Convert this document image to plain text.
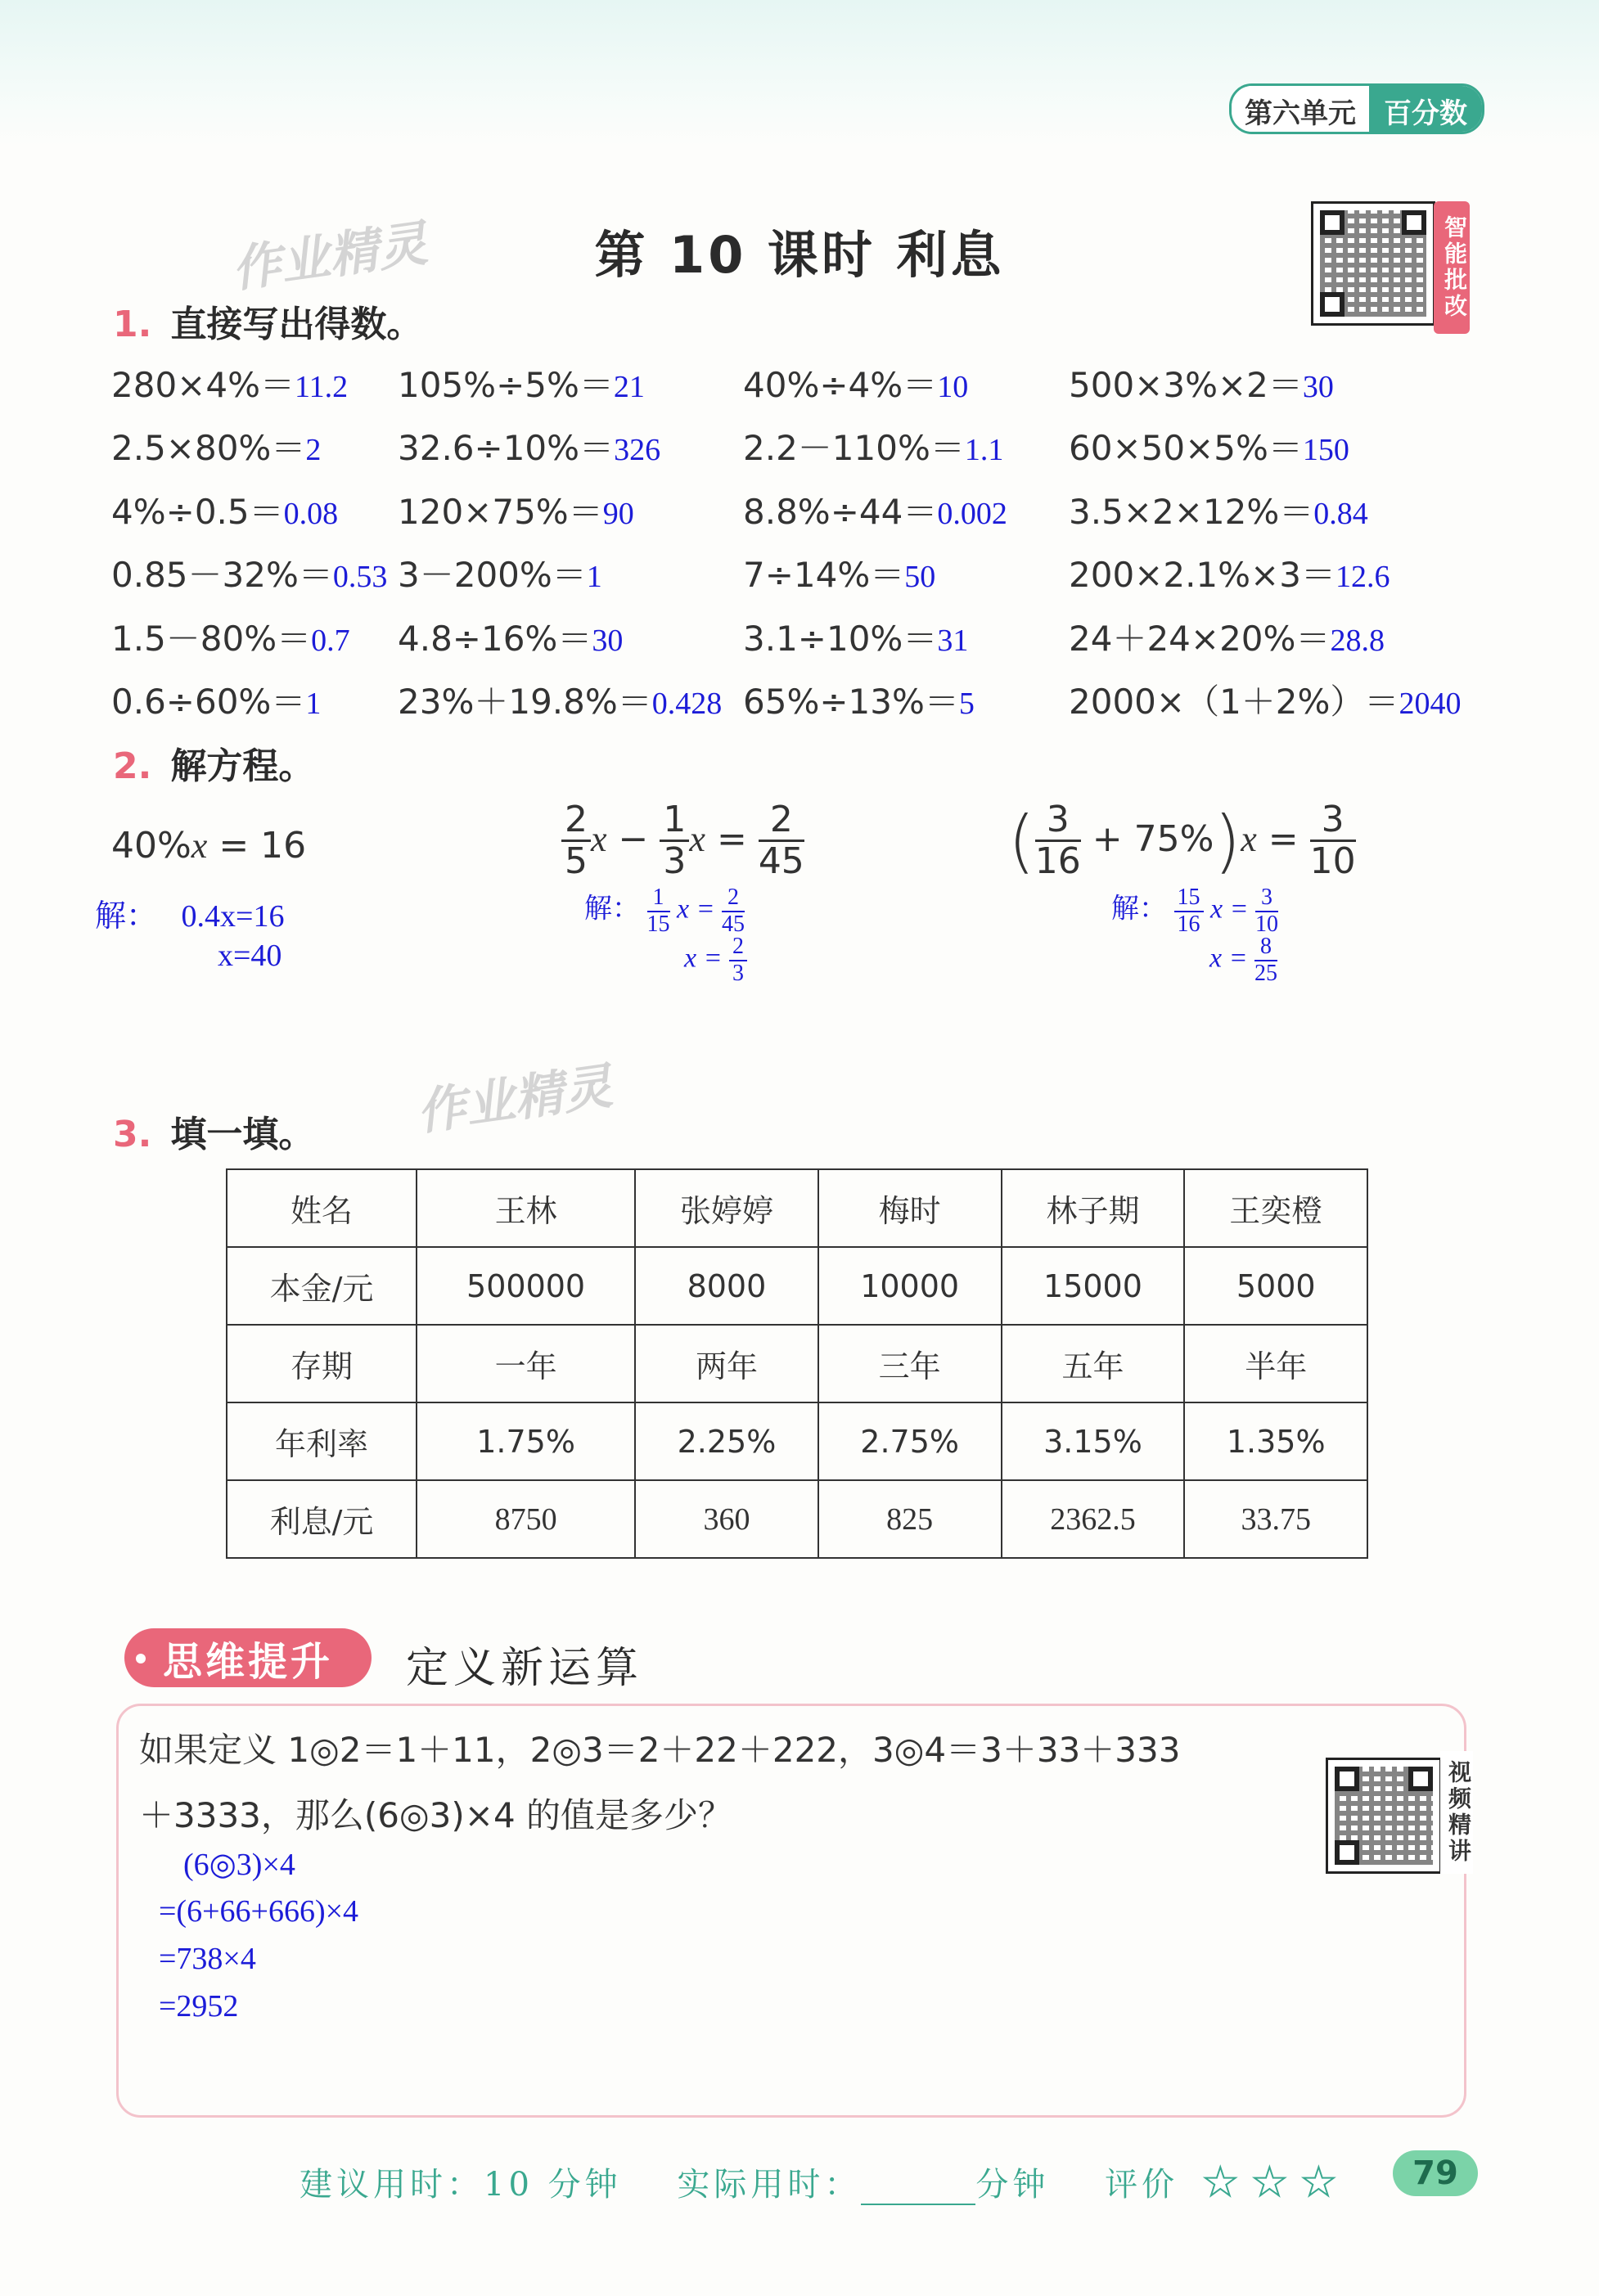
第六单元	百分数
第 10 课时 利息
作业精灵
作业精灵
智能批改
1. 直接写出得数。
280×4%＝11.2 105%÷5%＝21	40%÷4%＝10	500×3%×2＝30
2.5×80%＝2 32.6÷10%＝326 2.2－110%＝1.1 60×50×5%＝150
4%÷0.5＝0.08 120×75%＝90	8.8%÷44＝0.002 3.5×2×12%＝0.84
0.85－32%＝0.53 3－200%＝1	7÷14%＝50	200×2.1%×3＝12.6
1.5－80%＝0.7 4.8÷16%＝30	3.1÷10%＝31	24＋24×20%＝28.8
0.6÷60%＝1 23%＋19.8%＝0.428 65%÷13%＝5	2000×（1＋2%）＝2040
2. 解方程。
40%x = 16
解： 0.4x=16
x=40
$\frac{2}{5}$ $x - \frac{1}{3}$ $x = \frac{2}{45}$
解： $\frac{1}{15}$ $x = \frac{2}{45}$
$x = \frac{2}{3}$
( $\frac{3}{16} + 75\%)x = \frac{3}{10}$
解： $\frac{15}{16}$ $x = \frac{3}{10}$
$x = \frac{8}{25}$
3. 填一填。
姓名	王林	张婷婷	梅时	林子期	王奕橙
本金/元	500000	8000	10000	15000	5000
存期	一年	两年	三年	五年	半年
年利率	1.75%	2.25%	2.75%	3.15%	1.35%
利息/元	8750	360	825	2362.5	33.75
思维提升	定义新运算
如果定义 1◎2＝1＋11，2◎3＝2＋22＋222，3◎4＝3＋33＋333
＋3333，那么(6◎3)×4 的值是多少？
(6◎3)×4
=(6+66+666)×4
=738×4
=2952
视频精讲
建议用时：10 分钟 实际用时：	分钟 评价 ★ ★ ★	79
